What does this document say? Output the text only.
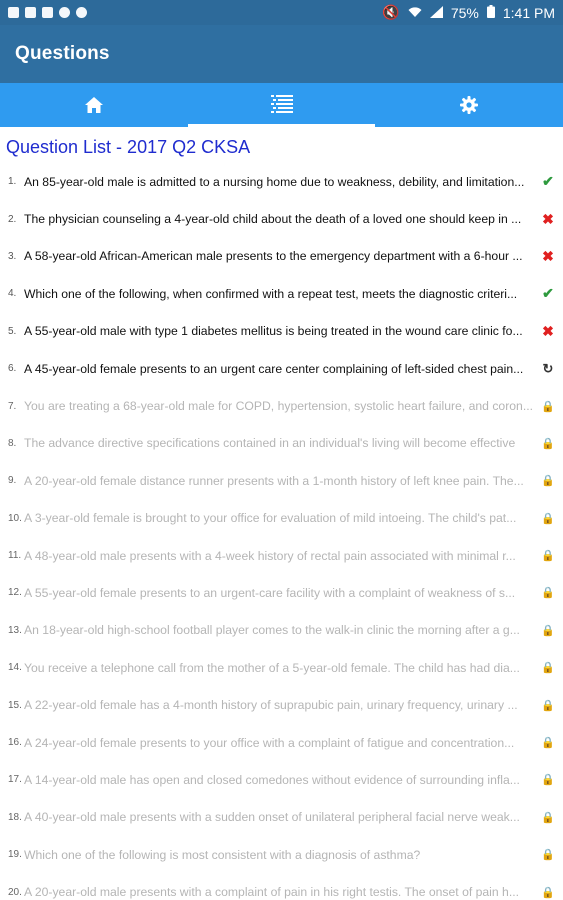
🔇	75% 1:41 PM
Questions
Question List - 2017 Q2 CKSA
1. An 85-year-old male is admitted to a nursing home due to weakness, debility, and limitation...	✔
2. The physician counseling a 4-year-old child about the death of a loved one should keep in ...	✖
3. A 58-year-old African-American male presents to the emergency department with a 6-hour ...	✖
4. Which one of the following, when confirmed with a repeat test, meets the diagnostic criteri...	✔
5. A 55-year-old male with type 1 diabetes mellitus is being treated in the wound care clinic fo...	✖
6. A 45-year-old female presents to an urgent care center complaining of left-sided chest pain...	↻
7. You are treating a 68-year-old male for COPD, hypertension, systolic heart failure, and coron... 🔒
8. The advance directive specifications contained in an individual's living will become effective	🔒
9. A 20-year-old female distance runner presents with a 1-month history of left knee pain. The...	🔒
10. A 3-year-old female is brought to your office for evaluation of mild intoeing. The child's pat...	🔒
11. A 48-year-old male presents with a 4-week history of rectal pain associated with minimal r...	🔒
12. A 55-year-old female presents to an urgent-care facility with a complaint of weakness of s...	🔒
13. An 18-year-old high-school football player comes to the walk-in clinic the morning after a g...	🔒
14. You receive a telephone call from the mother of a 5-year-old female. The child has had dia...	🔒
15. A 22-year-old female has a 4-month history of suprapubic pain, urinary frequency, urinary ...	🔒
16. A 24-year-old female presents to your office with a complaint of fatigue and concentration...	🔒
17. A 14-year-old male has open and closed comedones without evidence of surrounding infla...	🔒
18. A 40-year-old male presents with a sudden onset of unilateral peripheral facial nerve weak...	🔒
19. Which one of the following is most consistent with a diagnosis of asthma?	🔒
20. A 20-year-old male presents with a complaint of pain in his right testis. The onset of pain h...	🔒
